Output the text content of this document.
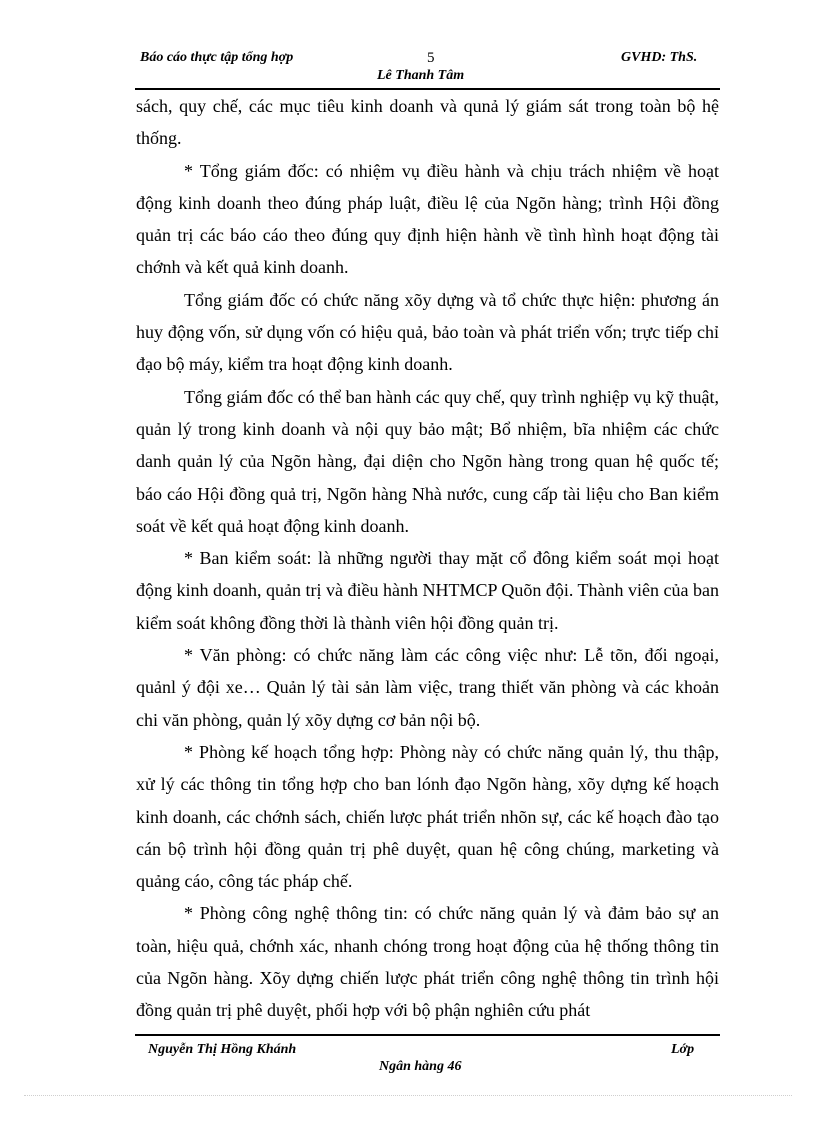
Báo cáo thực tập tổng hợp	5	GVHD: ThS.
Lê Thanh Tâm

sách, quy chế, các mục tiêu kinh doanh và qunả lý giám sát trong toàn bộ hệ thống.

* Tổng giám đốc: có nhiệm vụ điều hành và chịu trách nhiệm về hoạt động kinh doanh theo đúng pháp luật, điều lệ của Ngõn hàng; trình Hội đồng quản trị các báo cáo theo đúng quy định hiện hành về tình hình hoạt động tài chớnh và kết quả kinh doanh.

Tổng giám đốc có chức năng xõy dựng và tổ chức thực hiện: phương án huy động vốn, sử dụng vốn có hiệu quả, bảo toàn và phát triển vốn; trực tiếp chỉ đạo bộ máy, kiểm tra hoạt động kinh doanh.

Tổng giám đốc có thể ban hành các quy chế, quy trình nghiệp vụ kỹ thuật, quản lý trong kinh doanh và nội quy bảo mật; Bổ nhiệm, bĩa nhiệm các chức danh quản lý của Ngõn hàng, đại diện cho Ngõn hàng trong quan hệ quốc tế; báo cáo Hội đồng quả trị, Ngõn hàng Nhà nước, cung cấp tài liệu cho Ban kiểm soát về kết quả hoạt động kinh doanh.

* Ban kiểm soát: là những người thay mặt cổ đông kiểm soát mọi hoạt động kinh doanh, quản trị và điều hành NHTMCP Quõn đội. Thành viên của ban kiểm soát không đồng thời là thành viên hội đồng quản trị.

* Văn phòng: có chức năng làm các công việc như: Lễ tõn, đối ngoại, quảnl ý đội xe… Quản lý tài sản làm việc, trang thiết văn phòng và các khoản chi văn phòng, quản lý xõy dựng cơ bản nội bộ.

* Phòng kế hoạch tổng hợp: Phòng này có chức năng quản lý, thu thập, xử lý các thông tin tổng hợp cho ban lónh đạo Ngõn hàng, xõy dựng kế hoạch kinh doanh, các chớnh sách, chiến lược phát triển nhõn sự, các kế hoạch đào tạo cán bộ trình hội đồng quản trị phê duyệt, quan hệ công chúng, marketing và quảng cáo, công tác pháp chế.

* Phòng công nghệ thông tin: có chức năng quản lý và đảm bảo sự an toàn, hiệu quả, chớnh xác, nhanh chóng trong hoạt động của hệ thống thông tin của Ngõn hàng. Xõy dựng chiến lược phát triển công nghệ thông tin trình hội đồng quản trị phê duyệt, phối hợp với bộ phận nghiên cứu phát

Nguyễn Thị Hồng Khánh	Lớp
Ngân hàng 46
